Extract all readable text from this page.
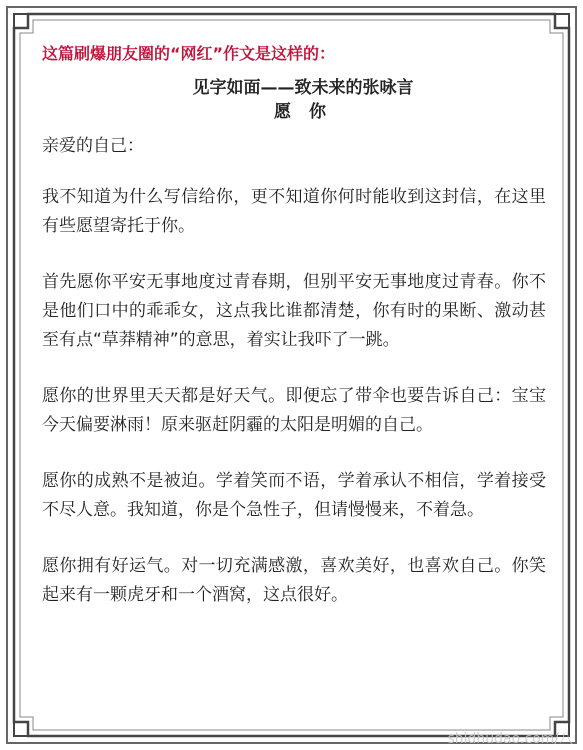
这篇刷爆朋友圈的“网红”作文是这样的：
见字如面——致未来的张咏言
愿 你

亲爱的自己：

我不知道为什么写信给你，更不知道你何时能收到这封信，在这里有些愿望寄托于你。

首先愿你平安无事地度过青春期，但别平安无事地度过青春。你不是他们口中的乖乖女，这点我比谁都清楚，你有时的果断、激动甚至有点“草莽精神”的意思，着实让我吓了一跳。

愿你的世界里天天都是好天气。即便忘了带伞也要告诉自己：宝宝今天偏要淋雨！原来驱赶阴霾的太阳是明媚的自己。

愿你的成熟不是被迫。学着笑而不语，学着承认不相信，学着接受不尽人意。我知道，你是个急性子，但请慢慢来，不着急。

愿你拥有好运气。对一切充满感激，喜欢美好，也喜欢自己。你笑起来有一颗虎牙和一个酒窝，这点很好。

shidhudao.com/八
